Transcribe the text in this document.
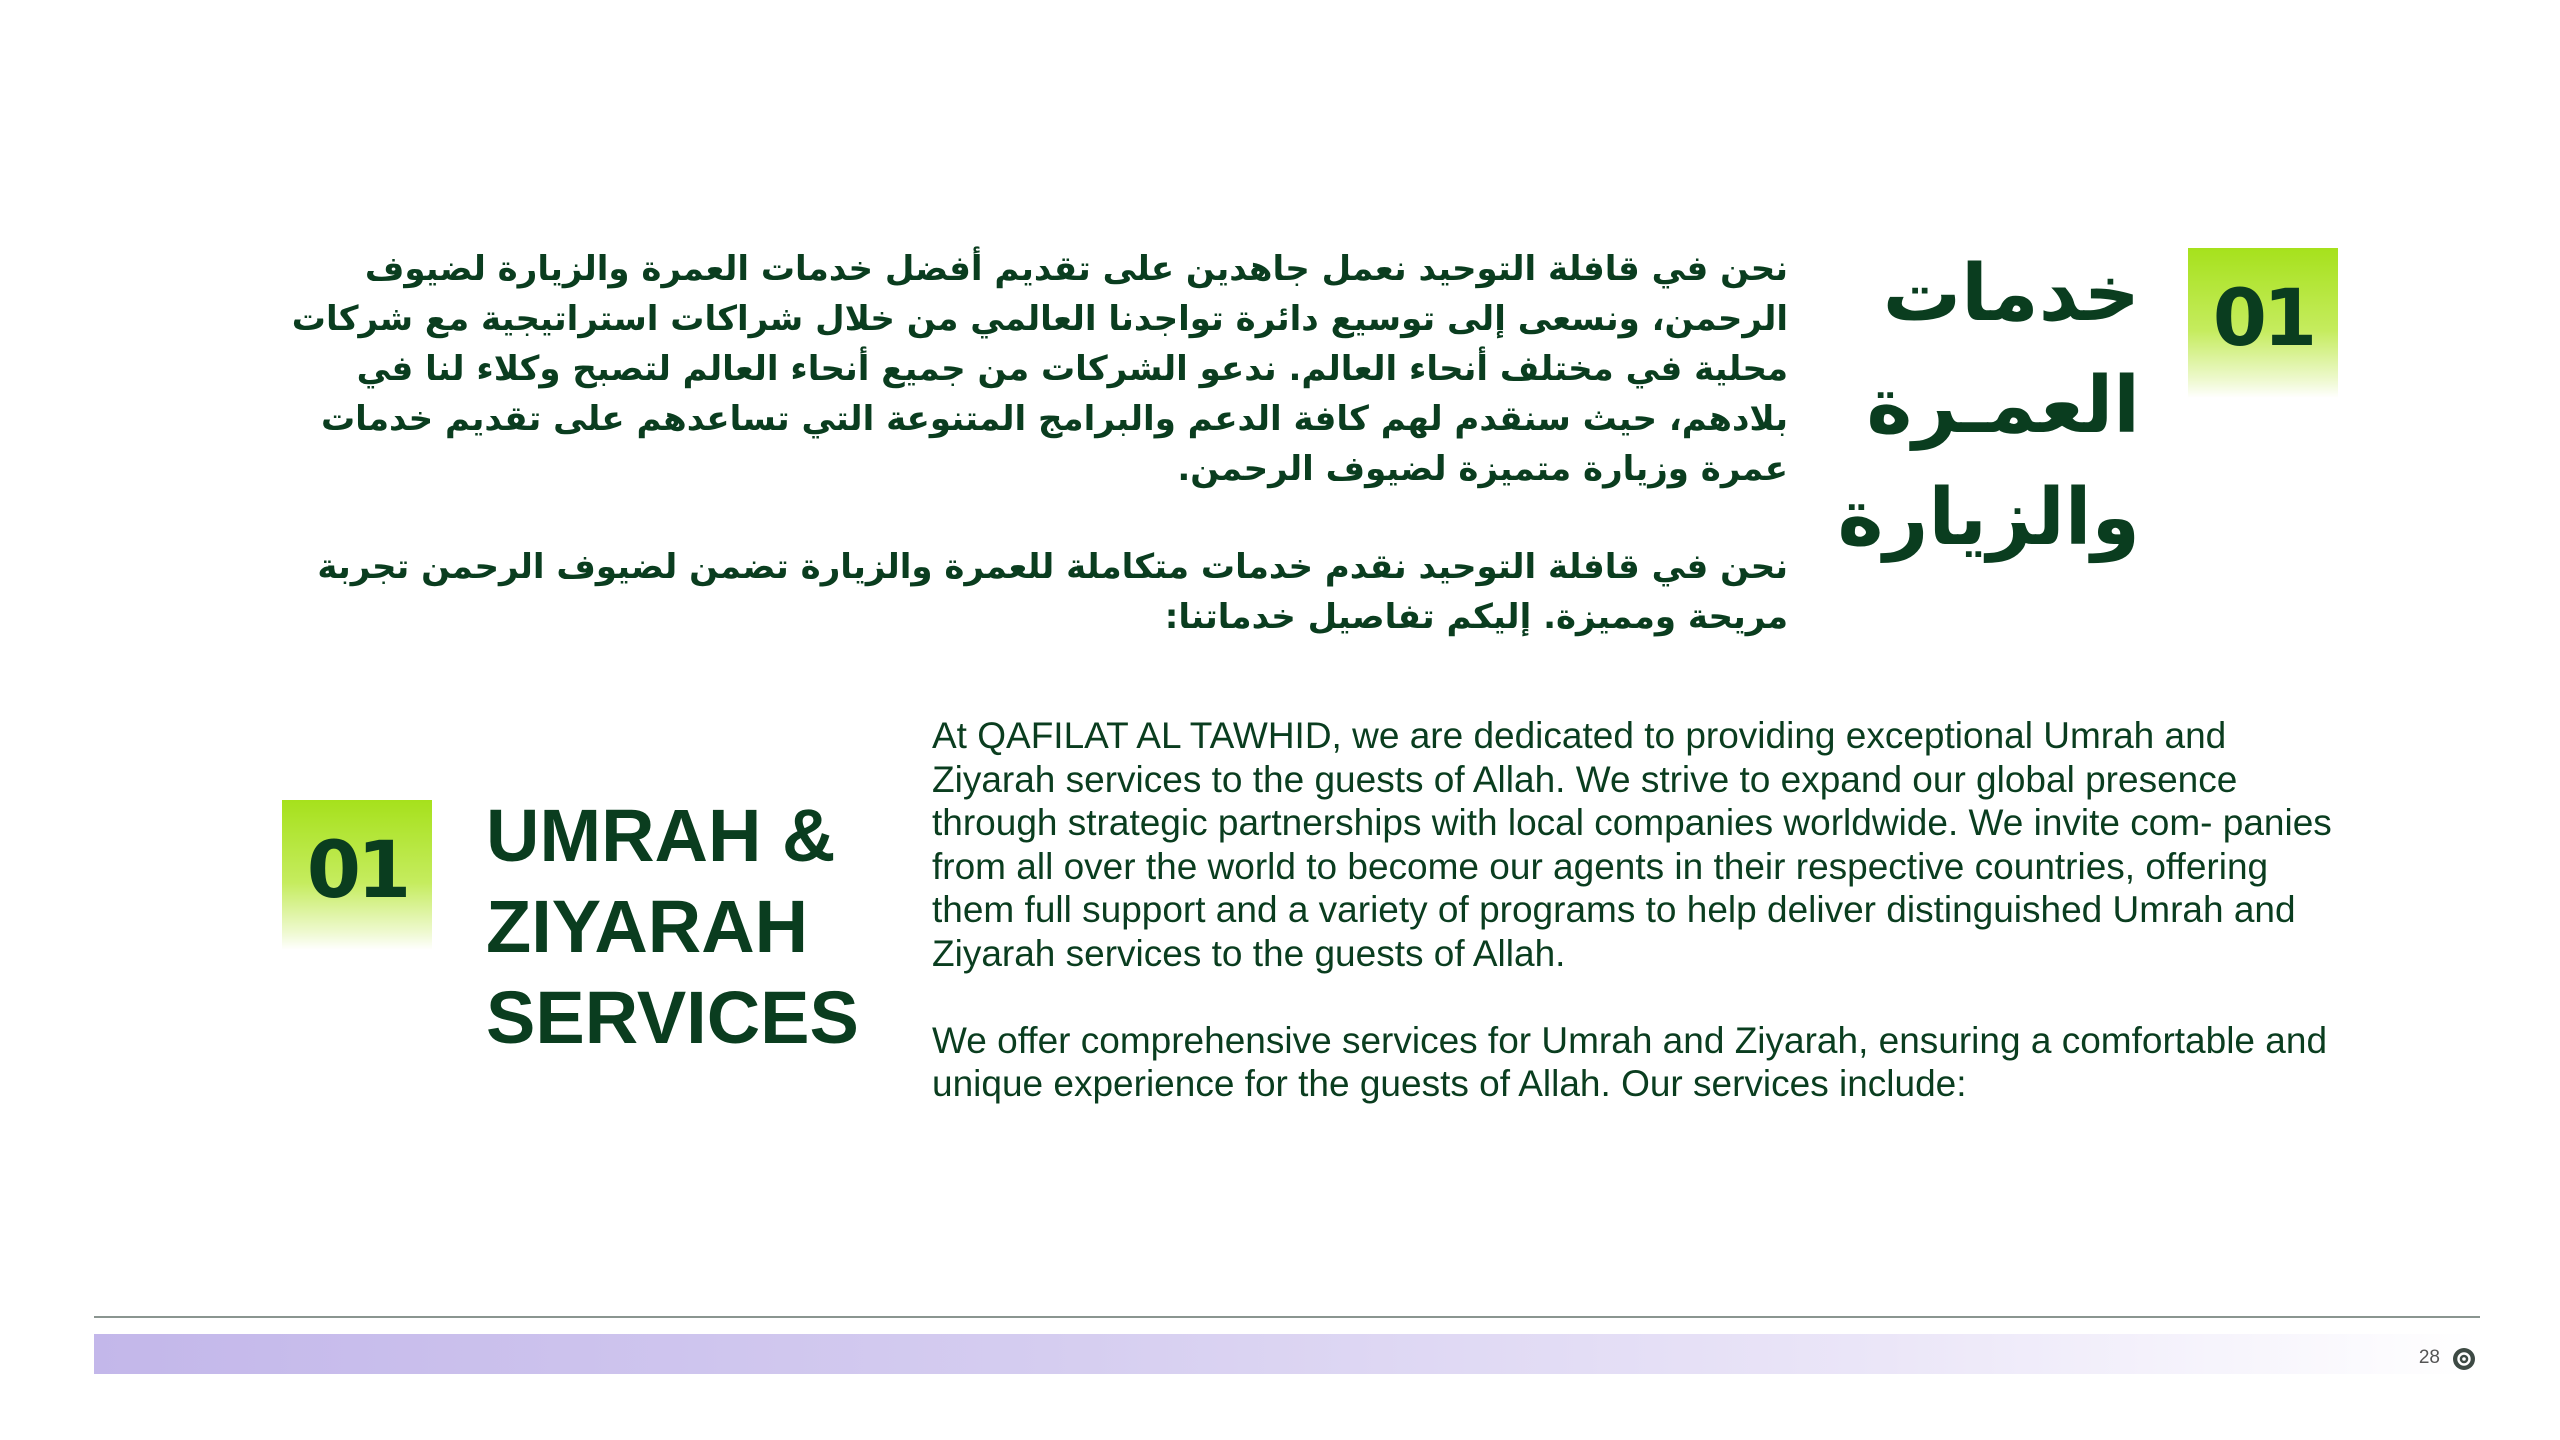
01
خدمات
العمـرة
والزيارة

نحن في قافلة التوحيد نعمل جاهدين على تقديم أفضل خدمات العمرة والزيارة لضيوف الرحمن، ونسعى إلى توسيع دائرة تواجدنا العالمي من خلال شراكات استراتيجية مع شركات محلية في مختلف أنحاء العالم. ندعو الشركات من جميع أنحاء العالم لتصبح وكلاء لنا في بلادهم، حيث سنقدم لهم كافة الدعم والبرامج المتنوعة التي تساعدهم على تقديم خدمات عمرة وزيارة متميزة لضيوف الرحمن.

نحن في قافلة التوحيد نقدم خدمات متكاملة للعمرة والزيارة تضمن لضيوف الرحمن تجربة مريحة ومميزة. إليكم تفاصيل خدماتنا:

01	UMRAH &
ZIYARAH
SERVICES

At QAFILAT AL TAWHID, we are dedicated to providing exceptional Umrah and Ziyarah services to the guests of Allah. We strive to expand our global presence through strategic partnerships with local companies worldwide. We invite com- panies from all over the world to become our agents in their respective countries, offering them full support and a variety of programs to help deliver distinguished Umrah and Ziyarah services to the guests of Allah.

We offer comprehensive services for Umrah and Ziyarah, ensuring a comfortable and unique experience for the guests of Allah. Our services include:

28
